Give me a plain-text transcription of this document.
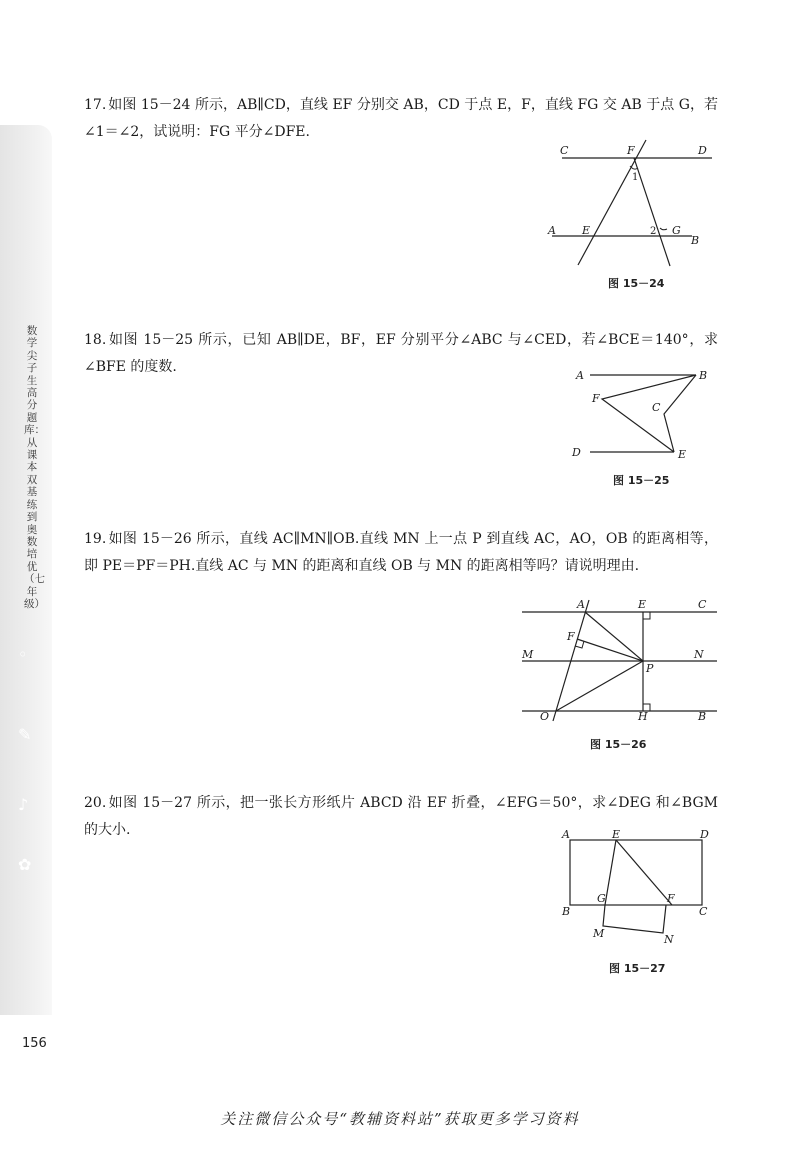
数学尖子生高分题库：从课本双基练到奥数培优（七年级）
◦
✎
♪
✿
17. 如图 15－24 所示，AB∥CD，直线 EF 分别交 AB，CD 于点 E，F，直线 FG 交 AB 于点 G，若∠1＝∠2，试说明：FG 平分∠DFE.
C	F	D
1
A E	2 G
B
图 15－24
18. 如图 15－25 所示，已知 AB∥DE，BF，EF 分别平分∠ABC 与∠CED，若∠BCE＝140°，求∠BFE 的度数.
A	B
F
C
D	E
图 15－25
19. 如图 15－26 所示，直线 AC∥MN∥OB.直线 MN 上一点 P 到直线 AC，AO，OB 的距离相等，即 PE＝PF＝PH.直线 AC 与 MN 的距离和直线 OB 与 MN 的距离相等吗？请说明理由.
A	E	C
F
M
P
N
O	H	B
图 15－26
20. 如图 15－27 所示，把一张长方形纸片 ABCD 沿 EF 折叠，∠EFG＝50°，求∠DEG 和∠BGM 的大小.	A	E	D
G	F
B	C
M	N
图 15－27
156
关注微信公众号“教辅资料站”获取更多学习资料
